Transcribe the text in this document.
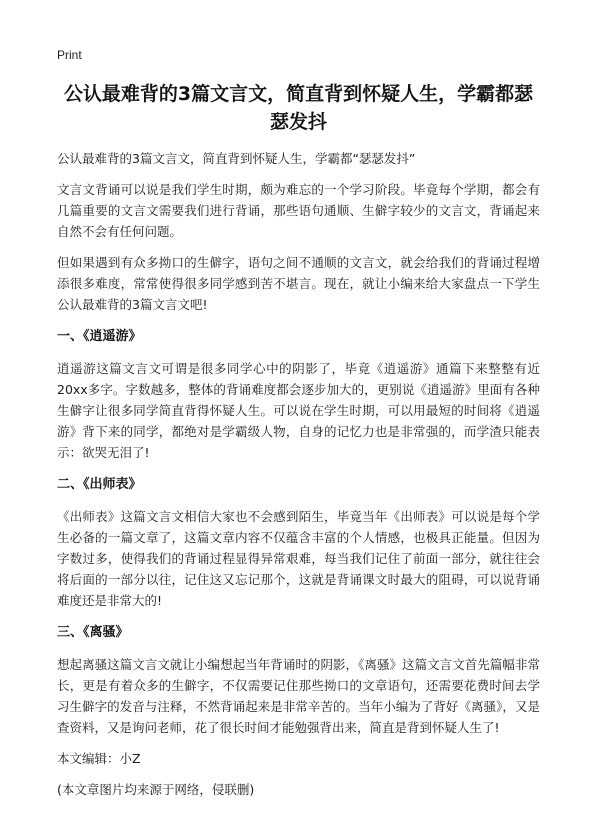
Print
公认最难背的3篇文言文，简直背到怀疑人生，学霸都瑟瑟发抖
公认最难背的3篇文言文，简直背到怀疑人生，学霸都“瑟瑟发抖”

文言文背诵可以说是我们学生时期，颇为难忘的一个学习阶段。毕竟每个学期，都会有几篇重要的文言文需要我们进行背诵，那些语句通顺、生僻字较少的文言文，背诵起来自然不会有任何问题。

但如果遇到有众多拗口的生僻字，语句之间不通顺的文言文，就会给我们的背诵过程增添很多难度，常常使得很多同学感到苦不堪言。现在，就让小编来给大家盘点一下学生公认最难背的3篇文言文吧!

一、《逍遥游》

逍遥游这篇文言文可谓是很多同学心中的阴影了，毕竟《逍遥游》通篇下来整整有近20xx多字。字数越多，整体的背诵难度都会逐步加大的，更别说《逍遥游》里面有各种生僻字让很多同学简直背得怀疑人生。可以说在学生时期，可以用最短的时间将《逍遥游》背下来的同学，都绝对是学霸级人物，自身的记忆力也是非常强的，而学渣只能表示：欲哭无泪了!

二、《出师表》

《出师表》这篇文言文相信大家也不会感到陌生，毕竟当年《出师表》可以说是每个学生必备的一篇文章了，这篇文章内容不仅蕴含丰富的个人情感，也极具正能量。但因为字数过多，使得我们的背诵过程显得异常艰难，每当我们记住了前面一部分，就往往会将后面的一部分以往，记住这又忘记那个，这就是背诵课文时最大的阻碍，可以说背诵难度还是非常大的!

三、《离骚》

想起离骚这篇文言文就让小编想起当年背诵时的阴影，《离骚》这篇文言文首先篇幅非常长，更是有着众多的生僻字，不仅需要记住那些拗口的文章语句，还需要花费时间去学习生僻字的发音与注释，不然背诵起来是非常辛苦的。当年小编为了背好《离骚》，又是查资料，又是询问老师，花了很长时间才能勉强背出来，简直是背到怀疑人生了!

本文编辑：小Z
(本文章图片均来源于网络，侵联删)
